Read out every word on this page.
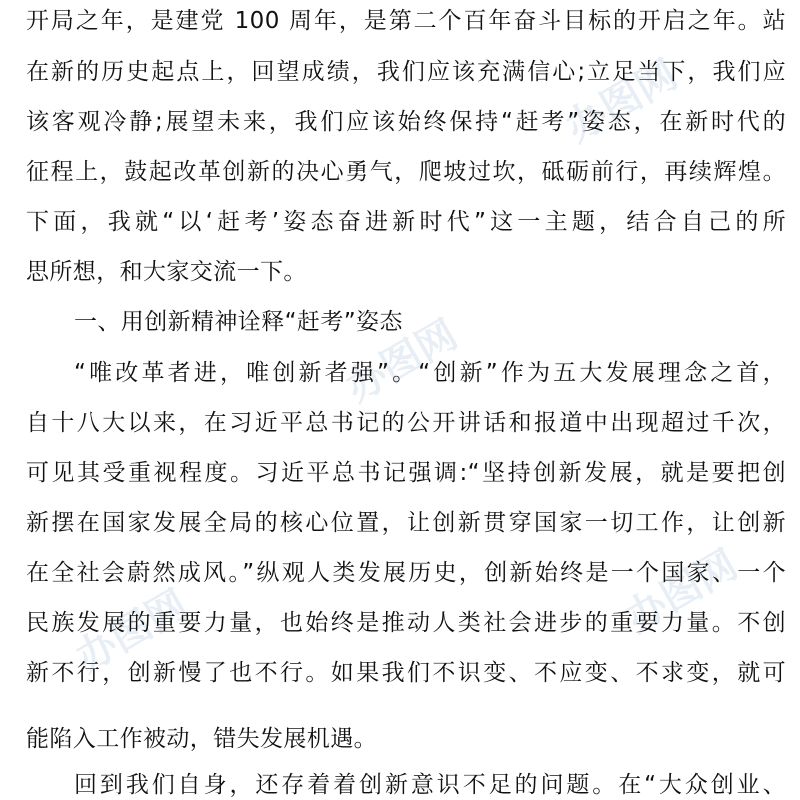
办图网
办图网
办图网
办图网
开局之年，是建党 100 周年，是第二个百年奋斗目标的开启之年。站
在新的历史起点上，回望成绩，我们应该充满信心;立足当下，我们应
该客观冷静;展望未来，我们应该始终保持“赶考”姿态，在新时代的
征程上，鼓起改革创新的决心勇气，爬坡过坎，砥砺前行，再续辉煌。
下面，我就“以‘赶考’姿态奋进新时代”这一主题，结合自己的所
思所想，和大家交流一下。
一、用创新精神诠释“赶考”姿态
“唯改革者进，唯创新者强”。“创新”作为五大发展理念之首，
自十八大以来，在习近平总书记的公开讲话和报道中出现超过千次，
可见其受重视程度。习近平总书记强调:“坚持创新发展，就是要把创
新摆在国家发展全局的核心位置，让创新贯穿国家一切工作，让创新
在全社会蔚然成风。”纵观人类发展历史，创新始终是一个国家、一个
民族发展的重要力量，也始终是推动人类社会进步的重要力量。不创
新不行，创新慢了也不行。如果我们不识变、不应变、不求变，就可
能陷入工作被动，错失发展机遇。
回到我们自身，还存着着创新意识不足的问题。在“大众创业、
